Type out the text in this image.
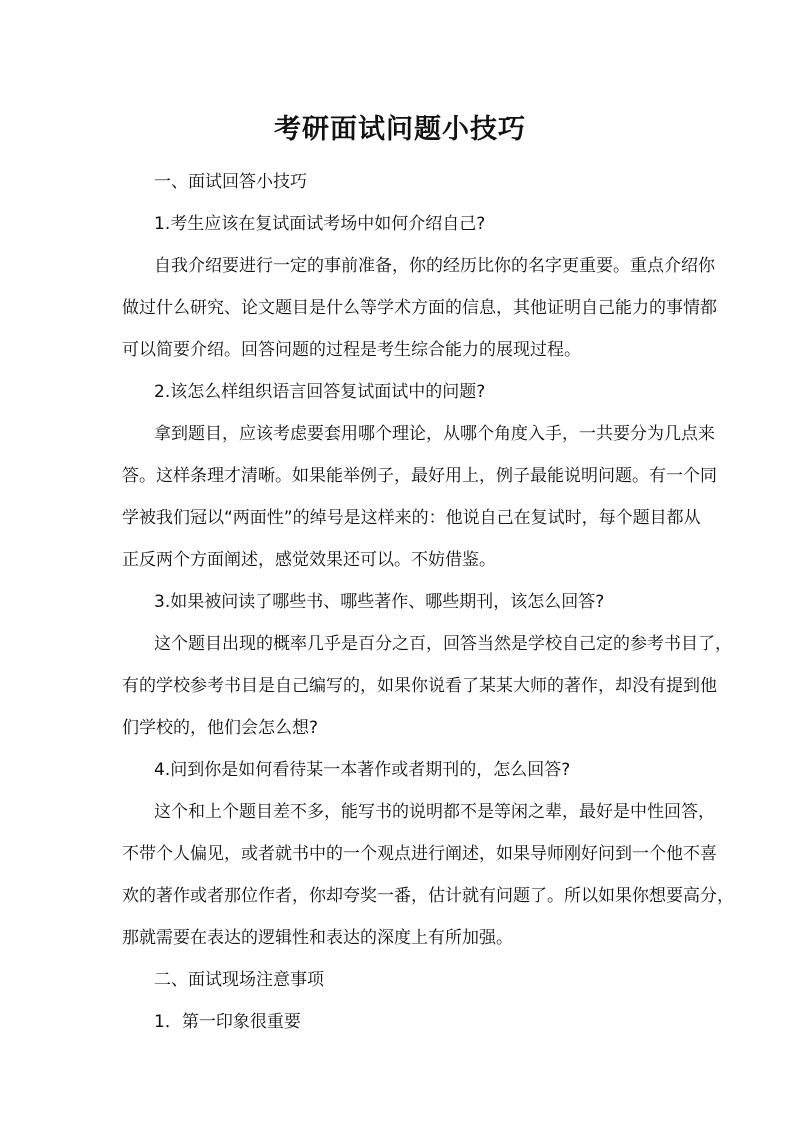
考研面试问题小技巧
一、面试回答小技巧
1.考生应该在复试面试考场中如何介绍自己?
自我介绍要进行一定的事前准备，你的经历比你的名字更重要。重点介绍你
做过什么研究、论文题目是什么等学术方面的信息，其他证明自己能力的事情都
可以简要介绍。回答问题的过程是考生综合能力的展现过程。
2.该怎么样组织语言回答复试面试中的问题?
拿到题目，应该考虑要套用哪个理论，从哪个角度入手，一共要分为几点来
答。这样条理才清晰。如果能举例子，最好用上，例子最能说明问题。有一个同
学被我们冠以“两面性”的绰号是这样来的：他说自己在复试时，每个题目都从
正反两个方面阐述，感觉效果还可以。不妨借鉴。
3.如果被问读了哪些书、哪些著作、哪些期刊，该怎么回答?
这个题目出现的概率几乎是百分之百，回答当然是学校自己定的参考书目了，
有的学校参考书目是自己编写的，如果你说看了某某大师的著作，却没有提到他
们学校的，他们会怎么想?
4.问到你是如何看待某一本著作或者期刊的，怎么回答?
这个和上个题目差不多，能写书的说明都不是等闲之辈，最好是中性回答，
不带个人偏见，或者就书中的一个观点进行阐述，如果导师刚好问到一个他不喜
欢的著作或者那位作者，你却夸奖一番，估计就有问题了。所以如果你想要高分，
那就需要在表达的逻辑性和表达的深度上有所加强。
二、面试现场注意事项
1．第一印象很重要
